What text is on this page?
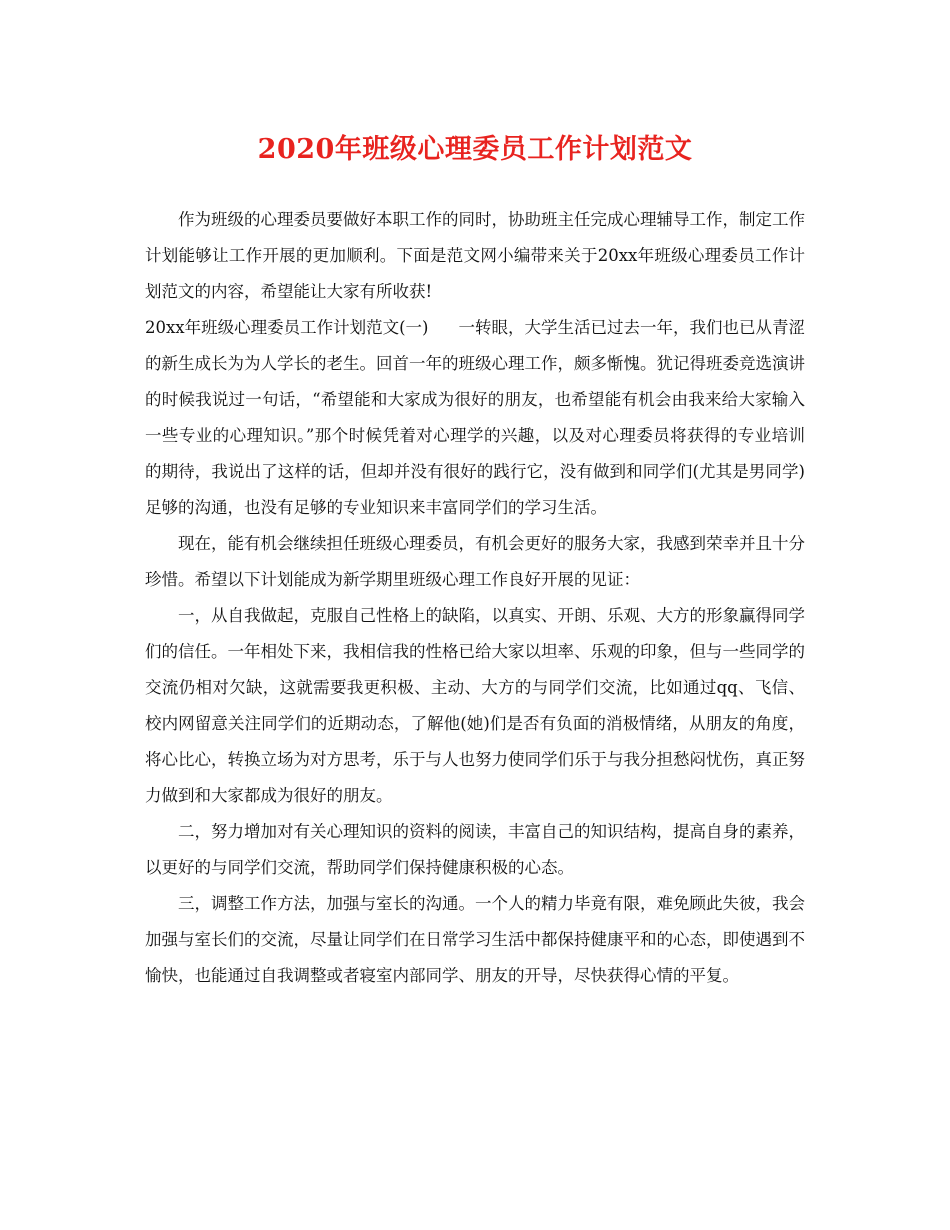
2020年班级心理委员工作计划范文

作为班级的心理委员要做好本职工作的同时，协助班主任完成心理辅导工作，制定工作计划能够让工作开展的更加顺利。下面是范文网小编带来关于20xx年班级心理委员工作计划范文的内容，希望能让大家有所收获!

20xx年班级心理委员工作计划范文(一) 一转眼，大学生活已过去一年，我们也已从青涩的新生成长为为人学长的老生。回首一年的班级心理工作，颇多惭愧。犹记得班委竞选演讲的时候我说过一句话，“希望能和大家成为很好的朋友，也希望能有机会由我来给大家输入一些专业的心理知识。”那个时候凭着对心理学的兴趣，以及对心理委员将获得的专业培训的期待，我说出了这样的话，但却并没有很好的践行它，没有做到和同学们(尤其是男同学)足够的沟通，也没有足够的专业知识来丰富同学们的学习生活。

现在，能有机会继续担任班级心理委员，有机会更好的服务大家，我感到荣幸并且十分珍惜。希望以下计划能成为新学期里班级心理工作良好开展的见证：

一，从自我做起，克服自己性格上的缺陷，以真实、开朗、乐观、大方的形象赢得同学们的信任。一年相处下来，我相信我的性格已给大家以坦率、乐观的印象，但与一些同学的交流仍相对欠缺，这就需要我更积极、主动、大方的与同学们交流，比如通过qq、飞信、校内网留意关注同学们的近期动态，了解他(她)们是否有负面的消极情绪，从朋友的角度，将心比心，转换立场为对方思考，乐于与人也努力使同学们乐于与我分担愁闷忧伤，真正努力做到和大家都成为很好的朋友。

二，努力增加对有关心理知识的资料的阅读，丰富自己的知识结构，提高自身的素养，以更好的与同学们交流，帮助同学们保持健康积极的心态。

三，调整工作方法，加强与室长的沟通。一个人的精力毕竟有限，难免顾此失彼，我会加强与室长们的交流，尽量让同学们在日常学习生活中都保持健康平和的心态，即使遇到不愉快，也能通过自我调整或者寝室内部同学、朋友的开导，尽快获得心情的平复。
